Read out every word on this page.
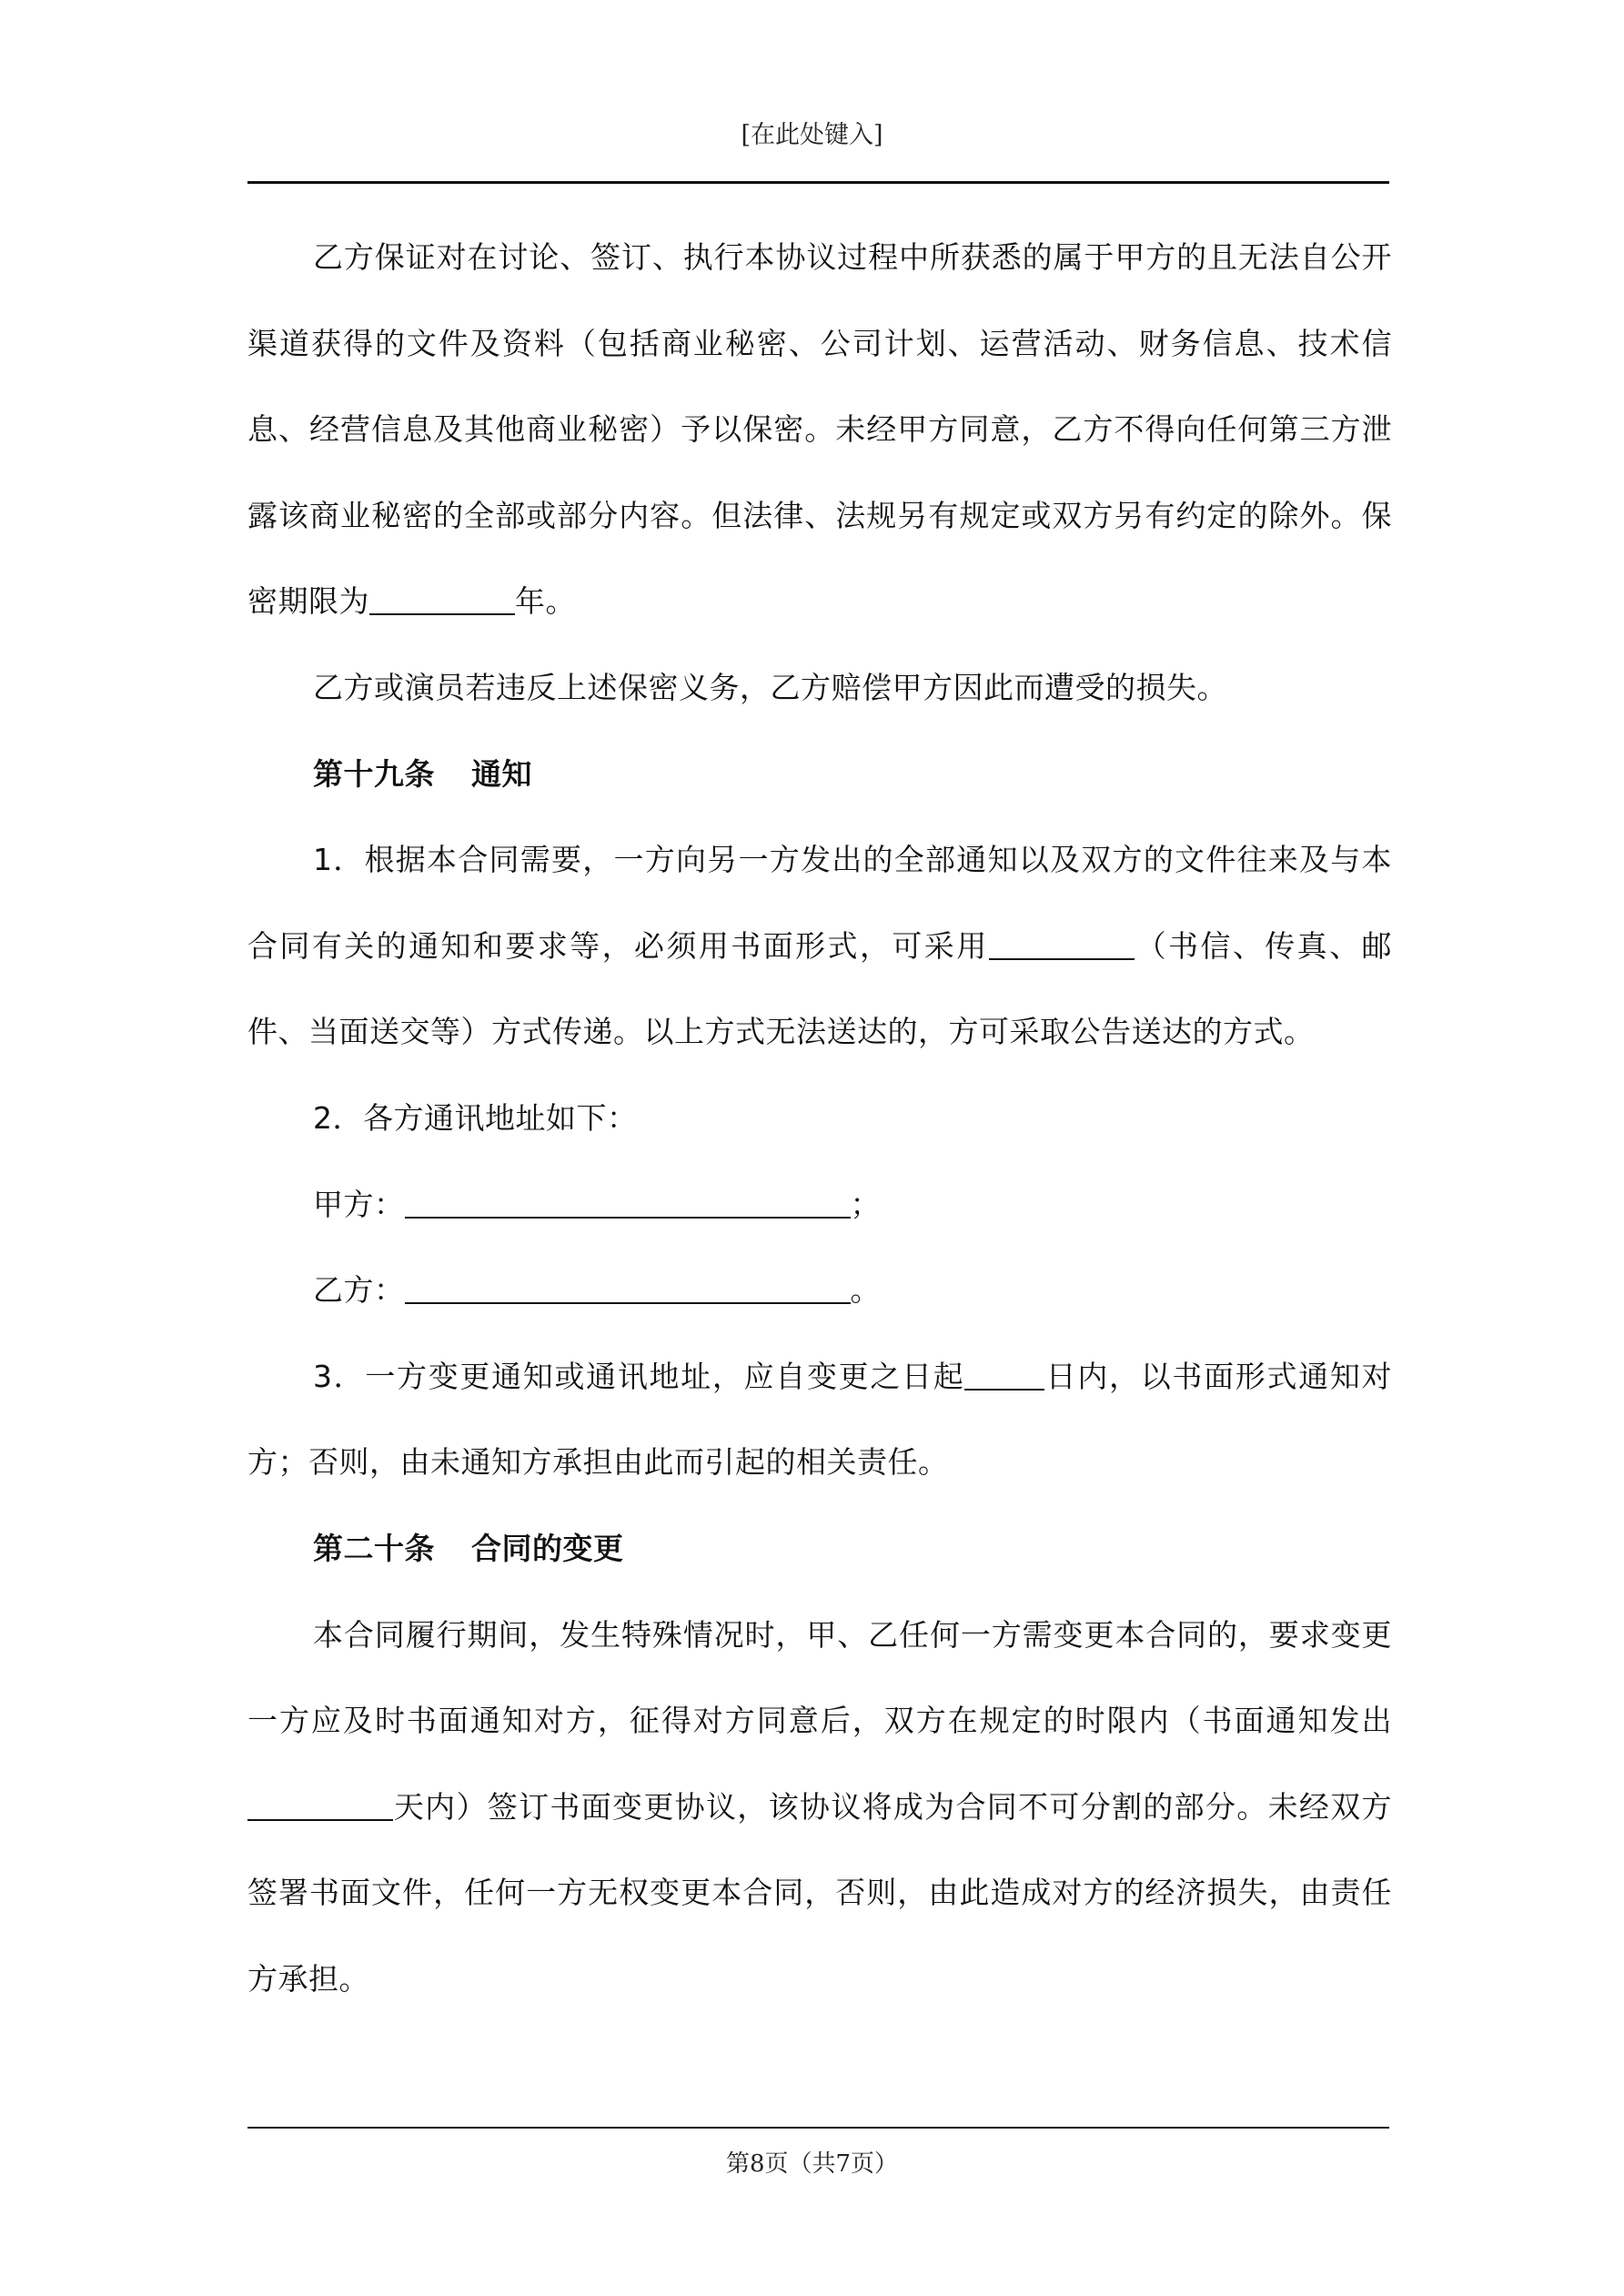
[在此处键入]

乙方保证对在讨论、签订、执行本协议过程中所获悉的属于甲方的且无法自公开渠道获得的文件及资料（包括商业秘密、公司计划、运营活动、财务信息、技术信息、经营信息及其他商业秘密）予以保密。未经甲方同意，乙方不得向任何第三方泄露该商业秘密的全部或部分内容。但法律、法规另有规定或双方另有约定的除外。保密期限为	年。

乙方或演员若违反上述保密义务，乙方赔偿甲方因此而遭受的损失。

第十九条 通知

1．根据本合同需要，一方向另一方发出的全部通知以及双方的文件往来及与本合同有关的通知和要求等，必须用书面形式，可采用	（书信、传真、邮件、当面送交等）方式传递。以上方式无法送达的，方可采取公告送达的方式。

2．各方通讯地址如下：

甲方：	；

乙方：	。

3．一方变更通知或通讯地址，应自变更之日起	日内，以书面形式通知对方；否则，由未通知方承担由此而引起的相关责任。

第二十条 合同的变更

本合同履行期间，发生特殊情况时，甲、乙任何一方需变更本合同的，要求变更一方应及时书面通知对方，征得对方同意后，双方在规定的时限内（书面通知发出天内）签订书面变更协议，该协议将成为合同不可分割的部分。未经双方签署书面文件，任何一方无权变更本合同，否则，由此造成对方的经济损失，由责任方承担。

第8页（共7页）
